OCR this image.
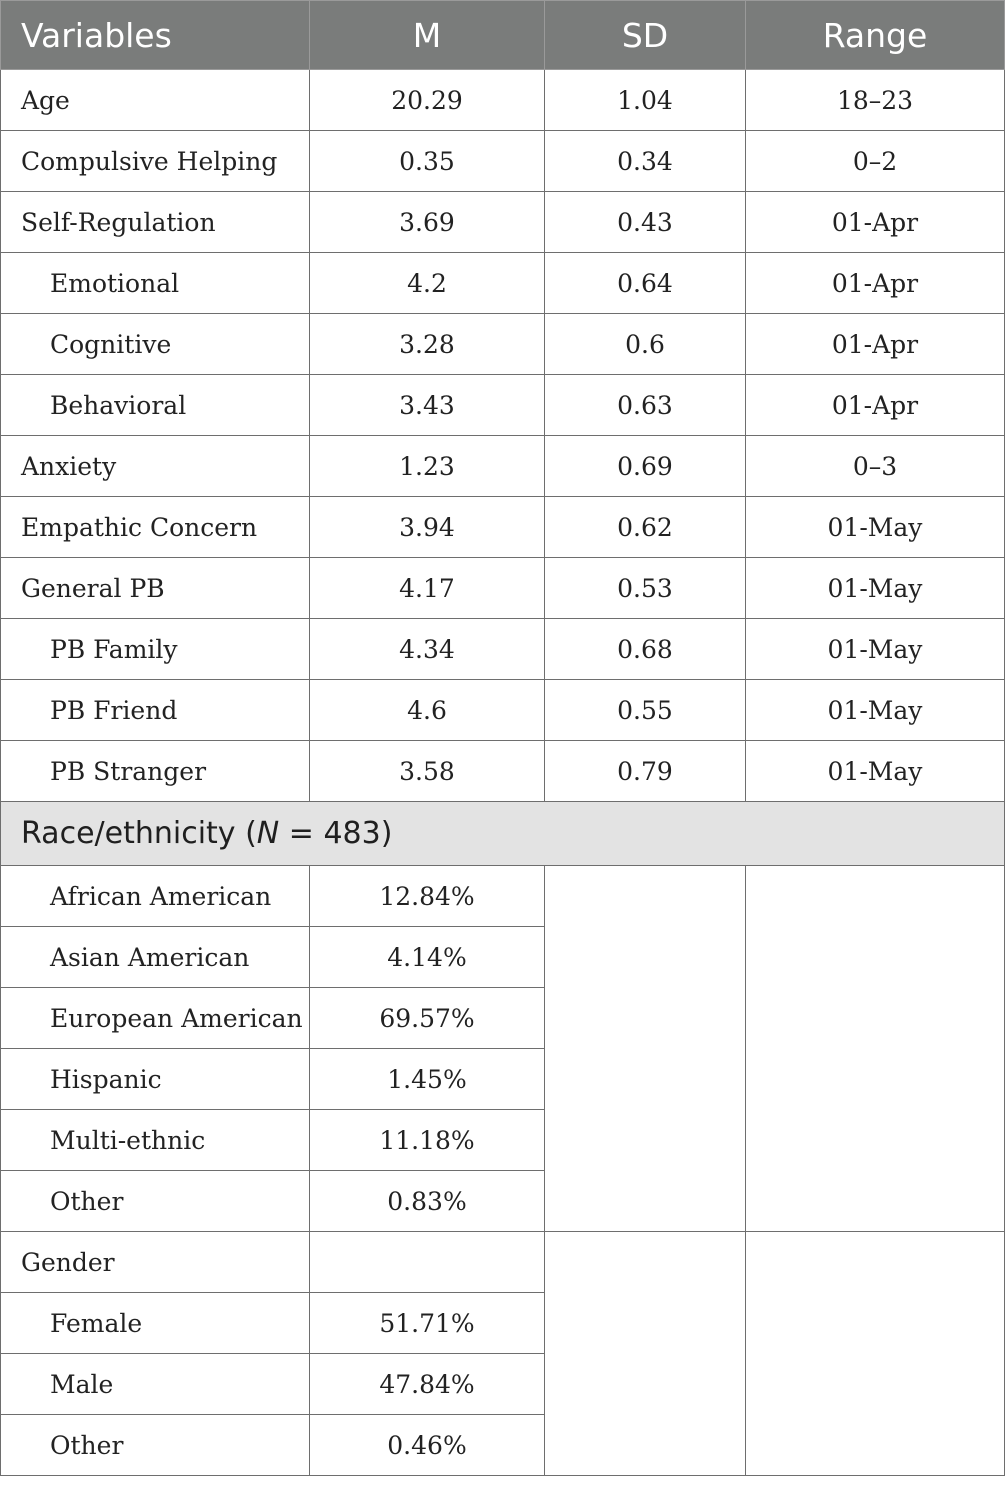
Variables	M	SD	Range
Age	20.29	1.04	18–23
Compulsive Helping	0.35	0.34	0–2
Self-Regulation	3.69	0.43	01-Apr
Emotional	4.2	0.64	01-Apr
Cognitive	3.28	0.6	01-Apr
Behavioral	3.43	0.63	01-Apr
Anxiety	1.23	0.69	0–3
Empathic Concern	3.94	0.62	01-May
General PB	4.17	0.53	01-May
PB Family	4.34	0.68	01-May
PB Friend	4.6	0.55	01-May
PB Stranger	3.58	0.79	01-May
Race/ethnicity (N = 483)			
African American	12.84%		
Asian American	4.14%		
European American	69.57%		
Hispanic	1.45%		
Multi-ethnic	11.18%		
Other	0.83%		
Gender			
Female	51.71%		
Male	47.84%		
Other	0.46%		
